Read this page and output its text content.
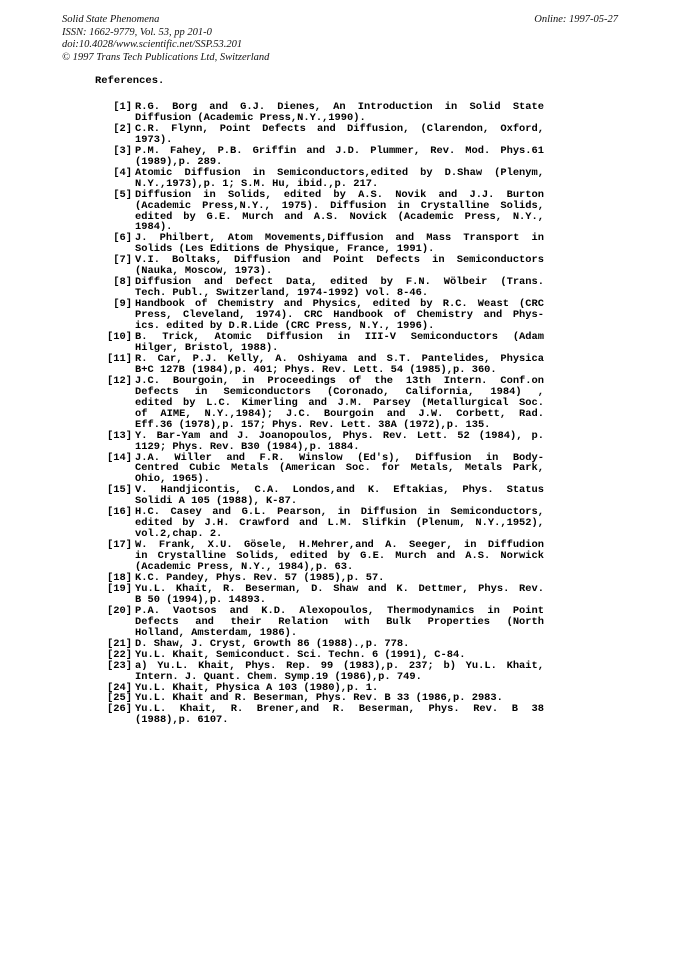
Solid State Phenomena
ISSN: 1662-9779, Vol. 53, pp 201-0
doi:10.4028/www.scientific.net/SSP.53.201
© 1997 Trans Tech Publications Ltd, Switzerland
Online: 1997-05-27
References.
[1] R.G. Borg and G.J. Dienes, An Introduction in Solid State
Diffusion (Academic Press,N.Y.,1990).
[2] C.R. Flynn, Point Defects and Diffusion, (Clarendon, Oxford,
1973).
[3] P.M. Fahey, P.B. Griffin and J.D. Plummer, Rev. Mod. Phys.61
(1989),p. 289.
[4] Atomic Diffusion in Semiconductors,edited by D.Shaw (Plenym,
N.Y.,1973),p. 1; S.M. Hu, ibid.,p. 217.
[5] Diffusion in Solids, edited by A.S. Novik and J.J. Burton
(Academic Press,N.Y., 1975). Diffusion in Crystalline Solids,
edited by G.E. Murch and A.S. Novick (Academic Press, N.Y.,
1984).
[6] J. Philbert, Atom Movements,Diffusion and Mass Transport in
Solids (Les Editions de Physique, France, 1991).
[7] V.I. Boltaks, Diffusion and Point Defects in Semiconductors
(Nauka, Moscow, 1973).
[8] Diffusion and Defect Data, edited by F.N. Wölbeir (Trans.
Tech. Publ., Switzerland, 1974-1992) vol. 8-46.
[9] Handbook of Chemistry and Physics, edited by R.C. Weast (CRC
Press, Cleveland, 1974). CRC Handbook of Chemistry and Phys-
ics. edited by D.R.Lide (CRC Press, N.Y., 1996).
[10] B. Trick, Atomic Diffusion in III-V Semiconductors (Adam
Hilger, Bristol, 1988).
[11] R. Car, P.J. Kelly, A. Oshiyama and S.T. Pantelides, Physica
B+C 127B (1984),p. 401; Phys. Rev. Lett. 54 (1985),p. 360.
[12] J.C. Bourgoin, in Proceedings of the 13th Intern. Conf.on
Defects in Semiconductors (Coronado, California, 1984) ,
edited by L.C. Kimerling and J.M. Parsey (Metallurgical Soc.
of AIME, N.Y.,1984); J.C. Bourgoin and J.W. Corbett, Rad.
Eff.36 (1978),p. 157; Phys. Rev. Lett. 38A (1972),p. 135.
[13] Y. Bar-Yam and J. Joanopoulos, Phys. Rev. Lett. 52 (1984), p.
1129; Phys. Rev. B30 (1984),p. 1884.
[14] J.A. Willer and F.R. Winslow (Ed's), Diffusion in Body-
Centred Cubic Metals (American Soc. for Metals, Metals Park,
Ohio, 1965).
[15] V. Handjicontis, C.A. Londos,and K. Eftakias, Phys. Status
Solidi A 105 (1988), K-87.
[16] H.C. Casey and G.L. Pearson, in Diffusion in Semiconductors,
edited by J.H. Crawford and L.M. Slifkin (Plenum, N.Y.,1952),
vol.2,chap. 2.
[17] W. Frank, X.U. Gösele, H.Mehrer,and A. Seeger, in Diffudion
in Crystalline Solids, edited by G.E. Murch and A.S. Norwick
(Academic Press, N.Y., 1984),p. 63.
[18] K.C. Pandey, Phys. Rev. 57 (1985),p. 57.
[19] Yu.L. Khait, R. Beserman, D. Shaw and K. Dettmer, Phys. Rev.
B 50 (1994),p. 14893.
[20] P.A. Vaotsos and K.D. Alexopoulos, Thermodynamics in Point
Defects and their Relation with Bulk Properties (North
Holland, Amsterdam, 1986).
[21] D. Shaw, J. Cryst, Growth 86 (1988).,p. 778.
[22] Yu.L. Khait, Semiconduct. Sci. Techn. 6 (1991), C-84.
[23] a) Yu.L. Khait, Phys. Rep. 99 (1983),p. 237; b) Yu.L. Khait,
Intern. J. Quant. Chem. Symp.19 (1986),p. 749.
[24] Yu.L. Khait, Physica A 103 (1980),p. 1.
[25] Yu.L. Khait and R. Beserman, Phys. Rev. B 33 (1986,p. 2983.
[26] Yu.L. Khait, R. Brener,and R. Beserman, Phys. Rev. B 38
(1988),p. 6107.
